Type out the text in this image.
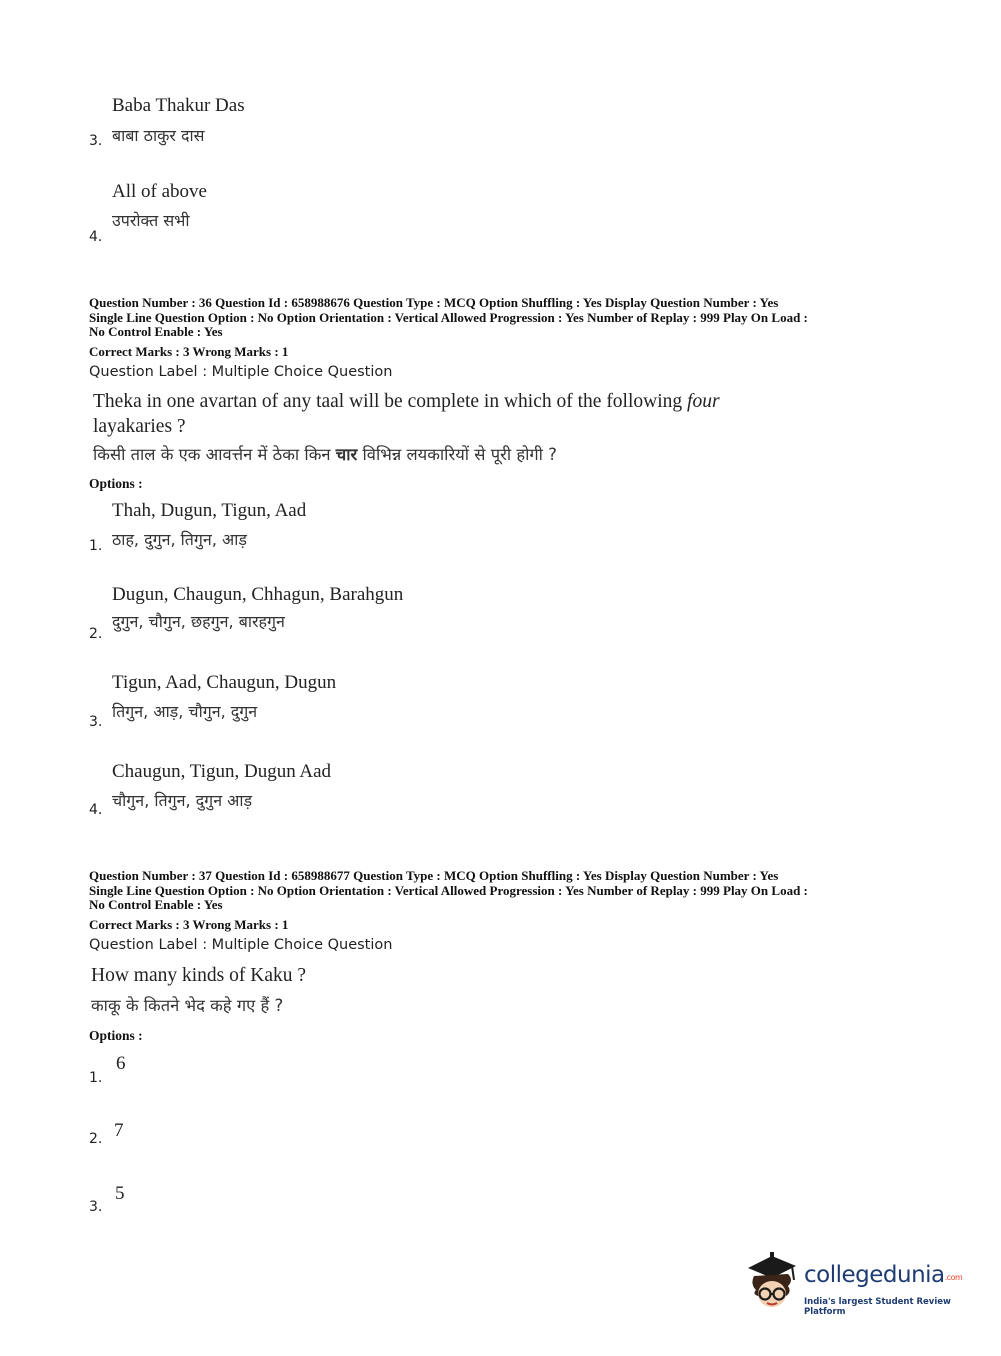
Baba Thakur Das
3. बाबा ठाकुर दास
All of above
उपरोक्त सभी
4.
Question Number : 36 Question Id : 658988676 Question Type : MCQ Option Shuffling : Yes Display Question Number : Yes
Single Line Question Option : No Option Orientation : Vertical Allowed Progression : Yes Number of Replay : 999 Play On Load :
No Control Enable : Yes
Correct Marks : 3 Wrong Marks : 1
Question Label : Multiple Choice Question
Theka in one avartan of any taal will be complete in which of the following four
layakaries ?
किसी ताल के एक आवर्त्तन में ठेका किन चार विभिन्न लयकारियों से पूरी होगी ?
Options :
Thah, Dugun, Tigun, Aad
ठाह, दुगुन, तिगुन, आड़
1.
Dugun, Chaugun, Chhagun, Barahgun
दुगुन, चौगुन, छहगुन, बारहगुन
2.
Tigun, Aad, Chaugun, Dugun
तिगुन, आड़, चौगुन, दुगुन
3.
Chaugun, Tigun, Dugun Aad
चौगुन, तिगुन, दुगुन आड़
4.
Question Number : 37 Question Id : 658988677 Question Type : MCQ Option Shuffling : Yes Display Question Number : Yes
Single Line Question Option : No Option Orientation : Vertical Allowed Progression : Yes Number of Replay : 999 Play On Load :
No Control Enable : Yes
Correct Marks : 3 Wrong Marks : 1
Question Label : Multiple Choice Question
How many kinds of Kaku ?
काकू के कितने भेद कहे गए हैं ?
Options :
6
1.
7
2.
5
3.
collegedunia.com
India's largest Student Review Platform
